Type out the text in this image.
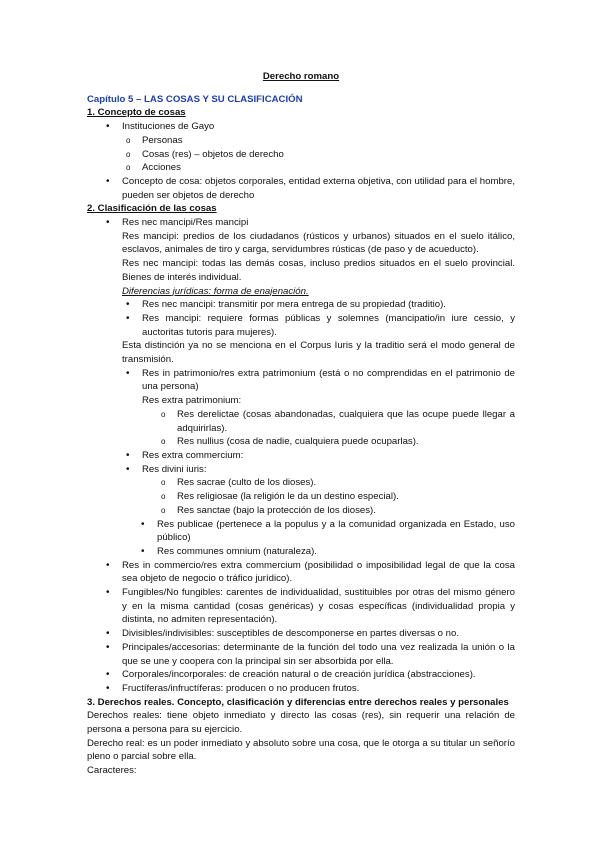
Derecho romano
Capítulo 5 – LAS COSAS Y SU CLASIFICACIÓN
1. Concepto de cosas
• Instituciones de Gayo
o Personas
o Cosas (res) – objetos de derecho
o Acciones
• Concepto de cosa: objetos corporales, entidad externa objetiva, con utilidad para el hombre, pueden ser objetos de derecho
2. Clasificación de las cosas
• Res nec mancipi/Res mancipi
Res mancipi: predios de los ciudadanos (rústicos y urbanos) situados en el suelo itálico, esclavos, animales de tiro y carga, servidumbres rústicas (de paso y de acueducto).
Res nec mancipi: todas las demás cosas, incluso predios situados en el suelo provincial. Bienes de interés individual.
Diferencias jurídicas: forma de enajenación.
• Res nec mancipi: transmitir por mera entrega de su propiedad (traditio).
• Res mancipi: requiere formas públicas y solemnes (mancipatio/in iure cessio, y auctoritas tutoris para mujeres).
Esta distinción ya no se menciona en el Corpus Iuris y la traditio será el modo general de transmisión.
• Res in patrimonio/res extra patrimonium (está o no comprendidas en el patrimonio de una persona)
Res extra patrimonium:
o Res derelictae (cosas abandonadas, cualquiera que las ocupe puede llegar a adquirirlas).
o Res nullius (cosa de nadie, cualquiera puede ocuparlas).
• Res extra commercium:
• Res divini iuris:
o Res sacrae (culto de los dioses).
o Res religiosae (la religión le da un destino especial).
o Res sanctae (bajo la protección de los dioses).
• Res publicae (pertenece a la populus y a la comunidad organizada en Estado, uso público)
• Res communes omnium (naturaleza).
• Res in commercio/res extra commercium (posibilidad o imposibilidad legal de que la cosa sea objeto de negocio o tráfico jurídico).
• Fungibles/No fungibles: carentes de individualidad, sustituibles por otras del mismo género y en la misma cantidad (cosas genéricas) y cosas específicas (individualidad propia y distinta, no admiten representación).
• Divisibles/indivisibles: susceptibles de descomponerse en partes diversas o no.
• Principales/accesorias: determinante de la función del todo una vez realizada la unión o la que se une y coopera con la principal sin ser absorbida por ella.
• Corporales/incorporales: de creación natural o de creación jurídica (abstracciones).
• Fructíferas/infructíferas: producen o no producen frutos.
3. Derechos reales. Concepto, clasificación y diferencias entre derechos reales y personales
Derechos reales: tiene objeto inmediato y directo las cosas (res), sin requerir una relación de persona a persona para su ejercicio.
Derecho real: es un poder inmediato y absoluto sobre una cosa, que le otorga a su titular un señorío pleno o parcial sobre ella.
Caracteres:
